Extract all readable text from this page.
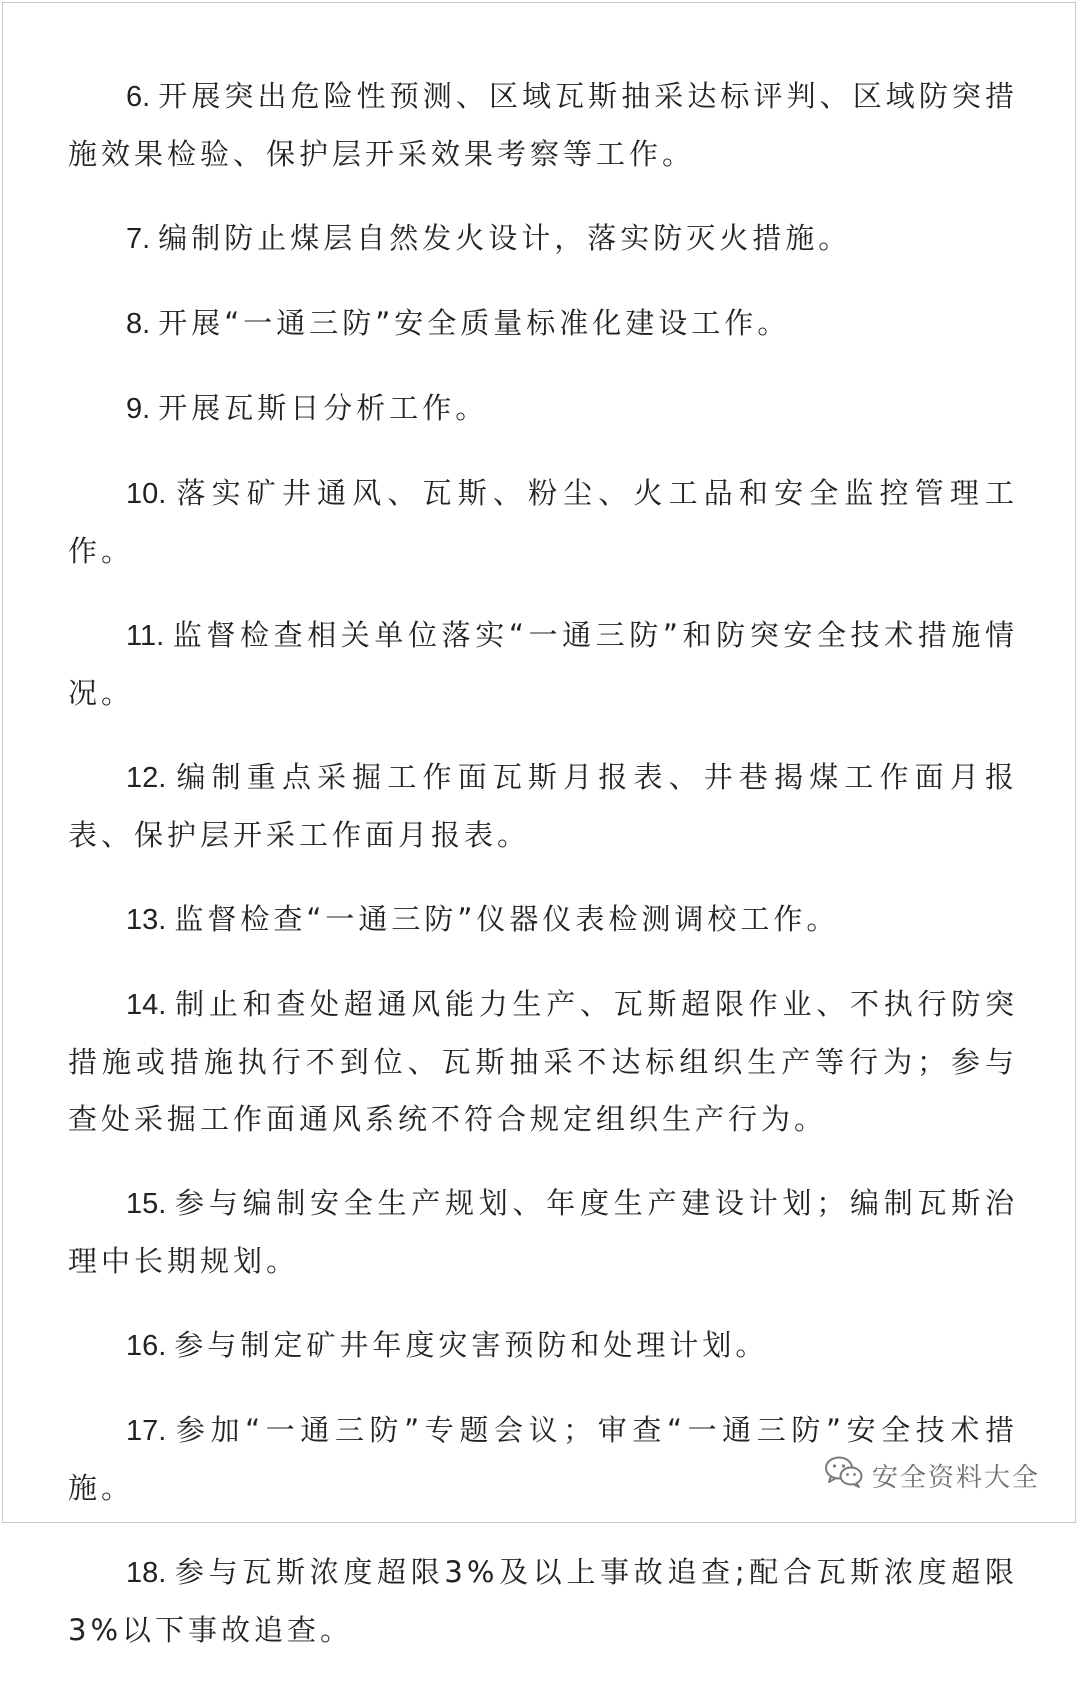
6. 开展突出危险性预测、区域瓦斯抽采达标评判、区域防突措施效果检验、保护层开采效果考察等工作。
7. 编制防止煤层自然发火设计，落实防灭火措施。
8. 开展“一通三防”安全质量标准化建设工作。
9. 开展瓦斯日分析工作。
10. 落实矿井通风、瓦斯、粉尘、火工品和安全监控管理工作。
11. 监督检查相关单位落实“一通三防”和防突安全技术措施情况。
12. 编制重点采掘工作面瓦斯月报表、井巷揭煤工作面月报表、保护层开采工作面月报表。
13. 监督检查“一通三防”仪器仪表检测调校工作。
14. 制止和查处超通风能力生产、瓦斯超限作业、不执行防突措施或措施执行不到位、瓦斯抽采不达标组织生产等行为；参与查处采掘工作面通风系统不符合规定组织生产行为。
15. 参与编制安全生产规划、年度生产建设计划；编制瓦斯治理中长期规划。
16. 参与制定矿井年度灾害预防和处理计划。
17. 参加“一通三防”专题会议；审查“一通三防”安全技术措施。
18. 参与瓦斯浓度超限3%及以上事故追查;配合瓦斯浓度超限3%以下事故追查。
安全资料大全
